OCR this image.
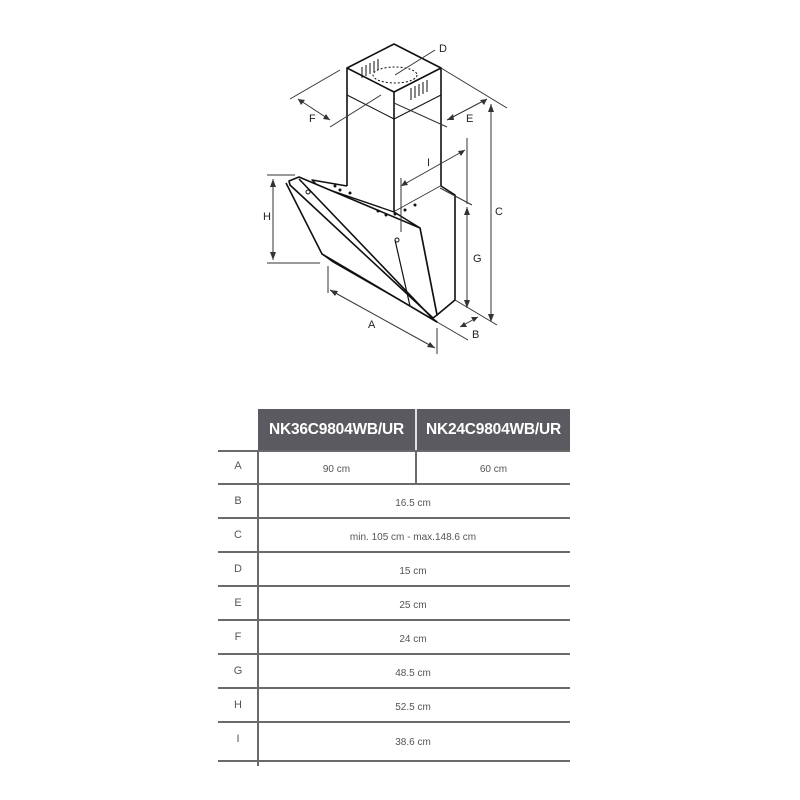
D
F	E
I
C
G
H
A
B
NK36C9804WB/UR	NK24C9804WB/UR
A	90 cm	60 cm
B	16.5 cm
C	min. 105 cm - max.148.6 cm
D	15 cm
E	25 cm
F	24 cm
G	48.5 cm
H	52.5 cm
I	38.6 cm
